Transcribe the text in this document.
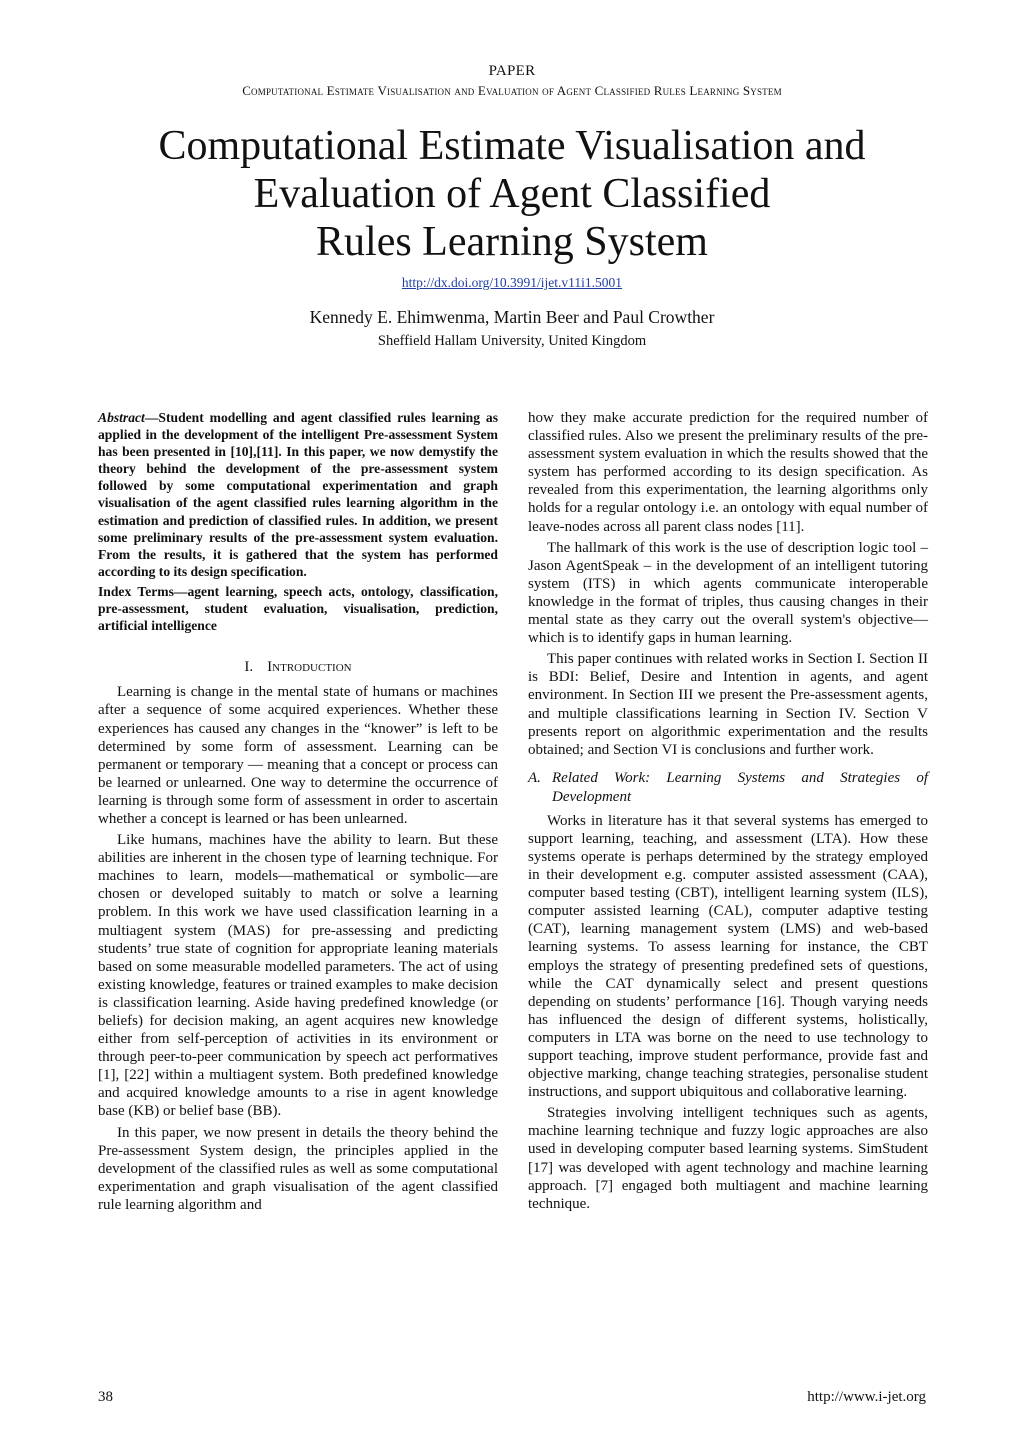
PAPER
Computational Estimate Visualisation and Evaluation of Agent Classified Rules Learning System
Computational Estimate Visualisation and
Evaluation of Agent Classified
Rules Learning System
http://dx.doi.org/10.3991/ijet.v11i1.5001
Kennedy E. Ehimwenma, Martin Beer and Paul Crowther
Sheffield Hallam University, United Kingdom

Abstract—Student modelling and agent classified rules learning as applied in the development of the intelligent Pre-assessment System has been presented in [10],[11]. In this paper, we now demystify the theory behind the development of the pre-assessment system followed by some computational experimentation and graph visualisation of the agent classified rules learning algorithm in the estimation and prediction of classified rules. In addition, we present some preliminary results of the pre-assessment system evaluation. From the results, it is gathered that the system has performed according to its design specification.

Index Terms—agent learning, speech acts, ontology, classification, pre-assessment, student evaluation, visualisation, prediction, artificial intelligence

I. Introduction

Learning is change in the mental state of humans or machines after a sequence of some acquired experiences. Whether these experiences has caused any changes in the “knower” is left to be determined by some form of assessment. Learning can be permanent or temporary — meaning that a concept or process can be learned or unlearned. One way to determine the occurrence of learning is through some form of assessment in order to ascertain whether a concept is learned or has been unlearned.

Like humans, machines have the ability to learn. But these abilities are inherent in the chosen type of learning technique. For machines to learn, models—mathematical or symbolic—are chosen or developed suitably to match or solve a learning problem. In this work we have used classification learning in a multiagent system (MAS) for pre-assessing and predicting students’ true state of cognition for appropriate leaning materials based on some measurable modelled parameters. The act of using existing knowledge, features or trained examples to make decision is classification learning. Aside having predefined knowledge (or beliefs) for decision making, an agent acquires new knowledge either from self-perception of activities in its environment or through peer-to-peer communication by speech act performatives [1], [22] within a multiagent system. Both predefined knowledge and acquired knowledge amounts to a rise in agent knowledge base (KB) or belief base (BB).

In this paper, we now present in details the theory behind the Pre-assessment System design, the principles applied in the development of the classified rules as well as some computational experimentation and graph visualisation of the agent classified rule learning algorithm and

how they make accurate prediction for the required number of classified rules. Also we present the preliminary results of the pre-assessment system evaluation in which the results showed that the system has performed according to its design specification. As revealed from this experimentation, the learning algorithms only holds for a regular ontology i.e. an ontology with equal number of leave-nodes across all parent class nodes [11].

The hallmark of this work is the use of description logic tool – Jason AgentSpeak – in the development of an intelligent tutoring system (ITS) in which agents communicate interoperable knowledge in the format of triples, thus causing changes in their mental state as they carry out the overall system's objective—which is to identify gaps in human learning.

This paper continues with related works in Section I. Section II is BDI: Belief, Desire and Intention in agents, and agent environment. In Section III we present the Pre-assessment agents, and multiple classifications learning in Section IV. Section V presents report on algorithmic experimentation and the results obtained; and Section VI is conclusions and further work.

A. Related Work: Learning Systems and Strategies of Development

Works in literature has it that several systems has emerged to support learning, teaching, and assessment (LTA). How these systems operate is perhaps determined by the strategy employed in their development e.g. computer assisted assessment (CAA), computer based testing (CBT), intelligent learning system (ILS), computer assisted learning (CAL), computer adaptive testing (CAT), learning management system (LMS) and web-based learning systems. To assess learning for instance, the CBT employs the strategy of presenting predefined sets of questions, while the CAT dynamically select and present questions depending on students’ performance [16]. Though varying needs has influenced the design of different systems, holistically, computers in LTA was borne on the need to use technology to support teaching, improve student performance, provide fast and objective marking, change teaching strategies, personalise student instructions, and support ubiquitous and collaborative learning.

Strategies involving intelligent techniques such as agents, machine learning technique and fuzzy logic approaches are also used in developing computer based learning systems. SimStudent [17] was developed with agent technology and machine learning approach. [7] engaged both multiagent and machine learning technique.

38	http://www.i-jet.org
